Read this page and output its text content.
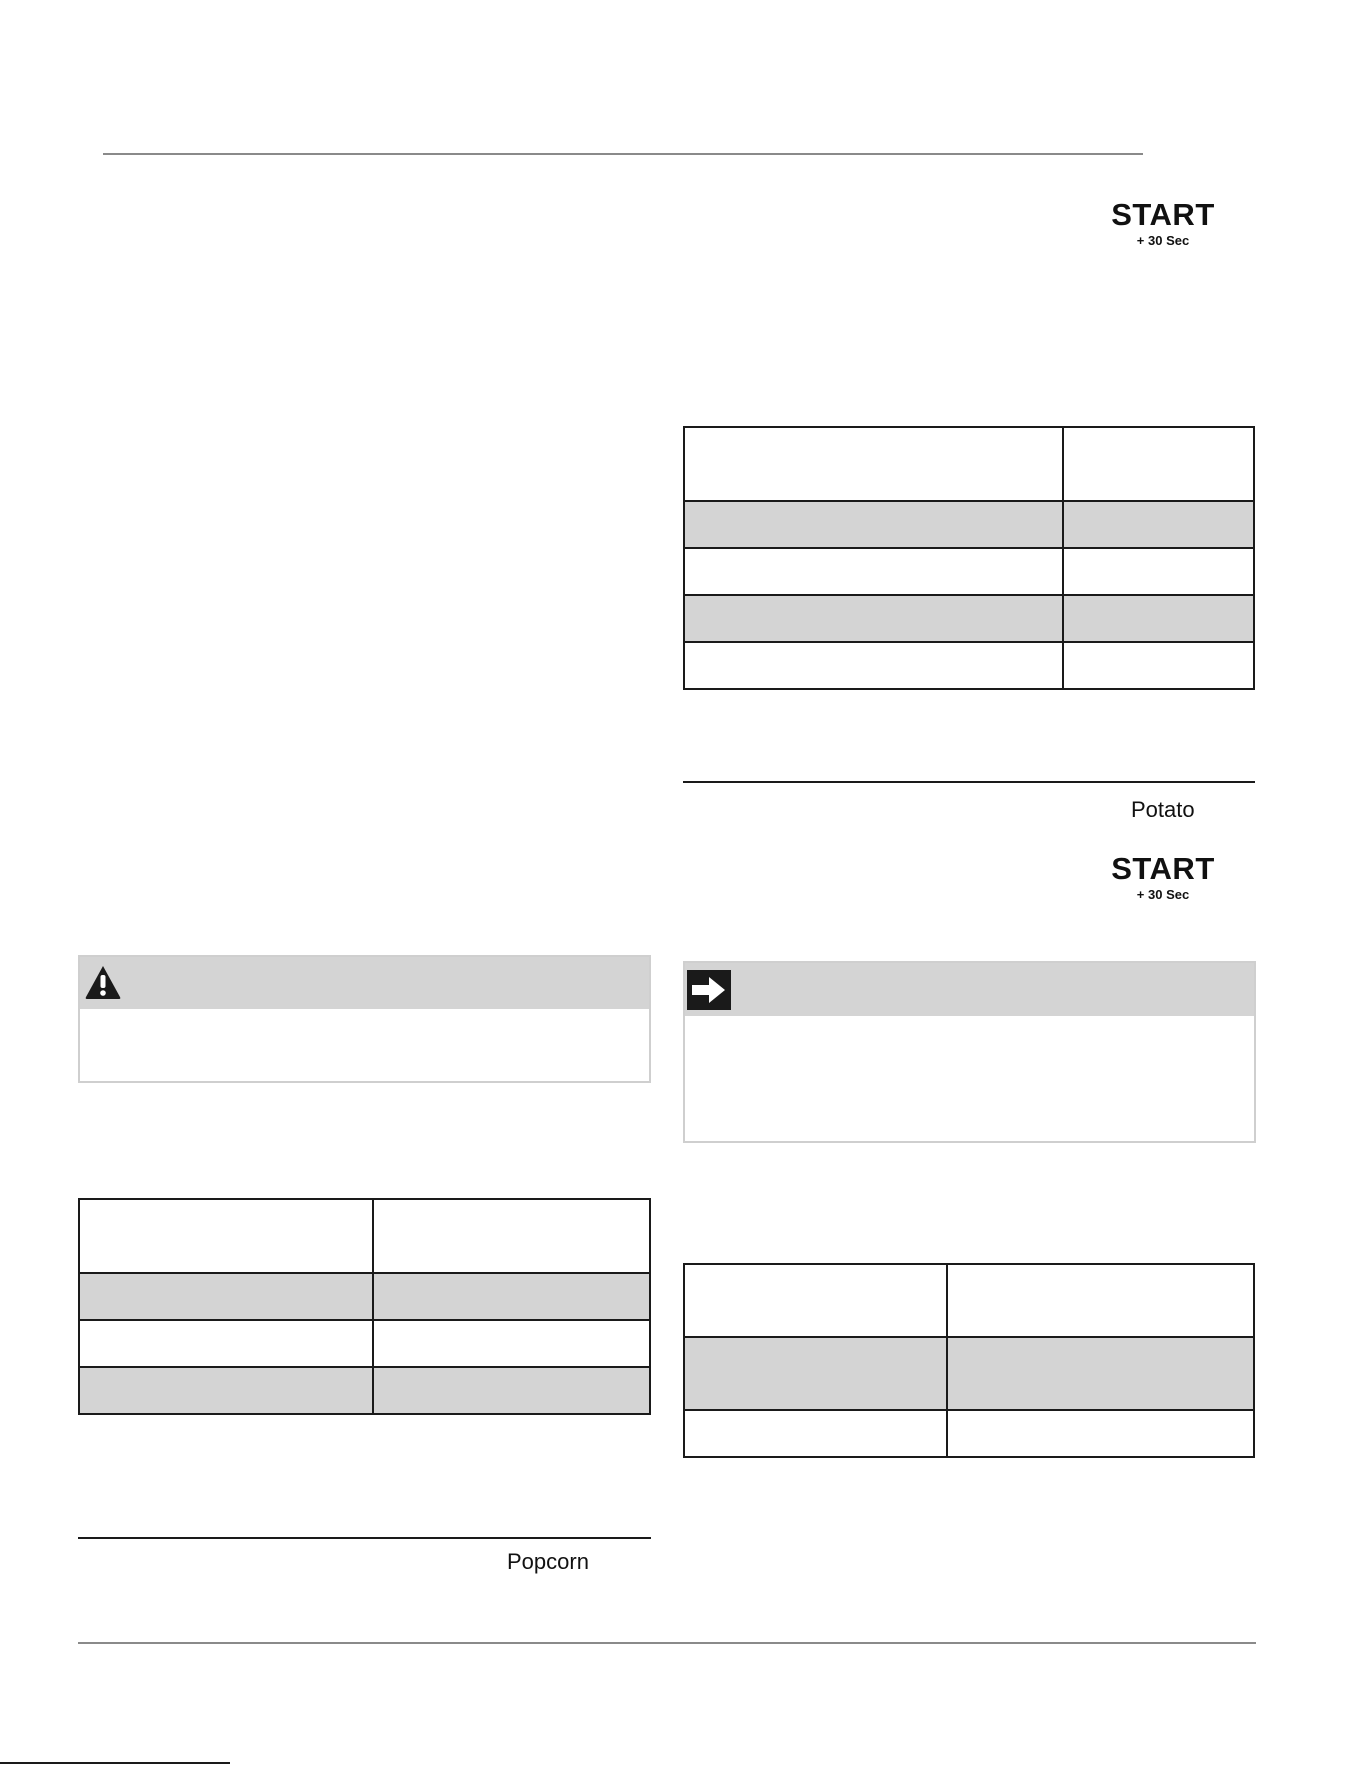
START
+ 30 Sec

Potato
START
+ 30 Sec

Popcorn
